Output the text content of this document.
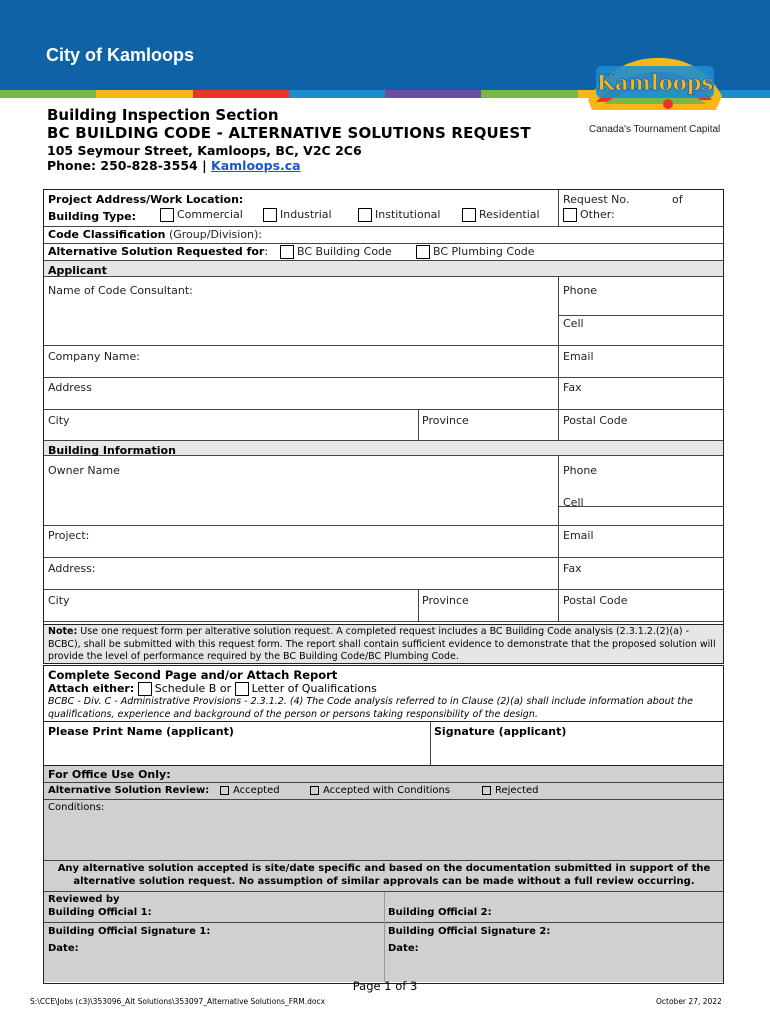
City of Kamloops
Kamloops
Canada's Tournament Capital
Building Inspection Section
BC BUILDING CODE - ALTERNATIVE SOLUTIONS REQUEST
105 Seymour Street, Kamloops, BC, V2C 2C6
Phone: 250-828-3554 | Kamloops.ca
Project Address/Work Location:	Request No.	of
Building Type:	Commercial	Industrial	Institutional	Residential	Other:
Code Classification (Group/Division):
Alternative Solution Requested for:	BC Building Code	BC Plumbing Code
Applicant
Name of Code Consultant:	Phone
Cell
Company Name:	Email
Address	Fax
City	Province	Postal Code
Building Information
Owner Name	Phone
Cell
Project:	Email
Address:	Fax
City	Province	Postal Code
Note: Use one request form per alterative solution request. A completed request includes a BC Building Code analysis (2.3.1.2.(2)(a) - BCBC), shall be submitted with this request form. The report shall contain sufficient evidence to demonstrate that the proposed solution will provide the level of performance required by the BC Building Code/BC Plumbing Code.
Complete Second Page and/or Attach Report
Attach either: Schedule B or Letter of Qualifications
BCBC - Div. C - Administrative Provisions - 2.3.1.2. (4) The Code analysis referred to in Clause (2)(a) shall include information about the qualifications, experience and background of the person or persons taking responsibility of the design.
Please Print Name (applicant)	Signature (applicant)
For Office Use Only:
Alternative Solution Review:	Accepted	Accepted with Conditions	Rejected
Conditions:
Any alternative solution accepted is site/date specific and based on the documentation submitted in support of the alternative solution request. No assumption of similar approvals can be made without a full review occurring.
Reviewed by
Building Official 1:	Building Official 2:
Building Official Signature 1:	Building Official Signature 2:
Date:	Date:
Page 1 of 3
S:\CCE\Jobs (c3)\353096_Alt Solutions\353097_Alternative Solutions_FRM.docx	October 27, 2022
